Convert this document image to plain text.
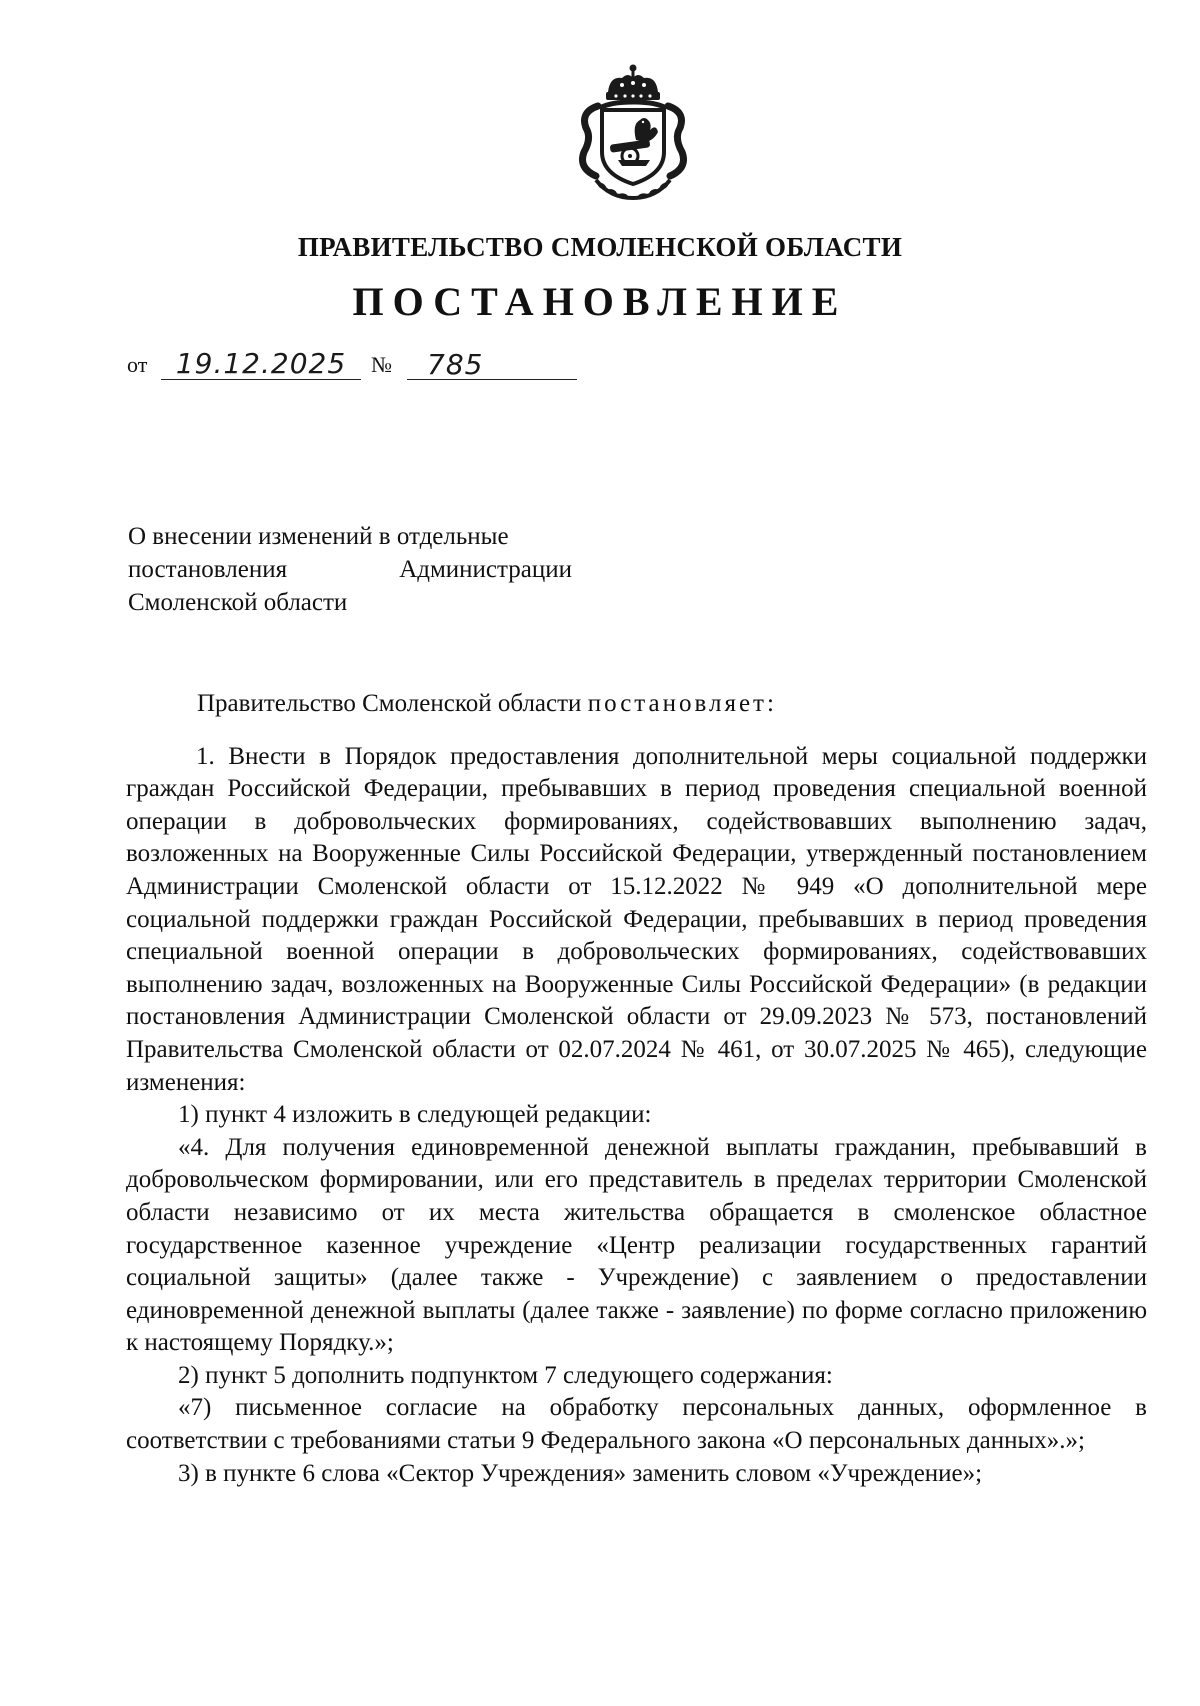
ПРАВИТЕЛЬСТВО СМОЛЕНСКОЙ ОБЛАСТИ
ПОСТАНОВЛЕНИЕ
от	19.12.2025	№	785
О внесении изменений в отдельные
постановления	Администрации
Смоленской области

Правительство Смоленской области постановляет:

1. Внести в Порядок предоставления дополнительной меры социальной поддержки граждан Российской Федерации, пребывавших в период проведения специальной военной операции в добровольческих формированиях, содействовавших выполнению задач, возложенных на Вооруженные Силы Российской Федерации, утвержденный постановлением Администрации Смоленской области от 15.12.2022 № 949 «О дополнительной мере социальной поддержки граждан Российской Федерации, пребывавших в период проведения специальной военной операции в добровольческих формированиях, содействовавших выполнению задач, возложенных на Вооруженные Силы Российской Федерации» (в редакции постановления Администрации Смоленской области от 29.09.2023 № 573, постановлений Правительства Смоленской области от 02.07.2024 № 461, от 30.07.2025 № 465), следующие изменения:

1) пункт 4 изложить в следующей редакции:

«4. Для получения единовременной денежной выплаты гражданин, пребывавший в добровольческом формировании, или его представитель в пределах территории Смоленской области независимо от их места жительства обращается в смоленское областное государственное казенное учреждение «Центр реализации государственных гарантий социальной защиты» (далее также - Учреждение) с заявлением о предоставлении единовременной денежной выплаты (далее также - заявление) по форме согласно приложению к настоящему Порядку.»;

2) пункт 5 дополнить подпунктом 7 следующего содержания:

«7) письменное согласие на обработку персональных данных, оформленное в соответствии с требованиями статьи 9 Федерального закона «О персональных данных».»;

3) в пункте 6 слова «Сектор Учреждения» заменить словом «Учреждение»;
